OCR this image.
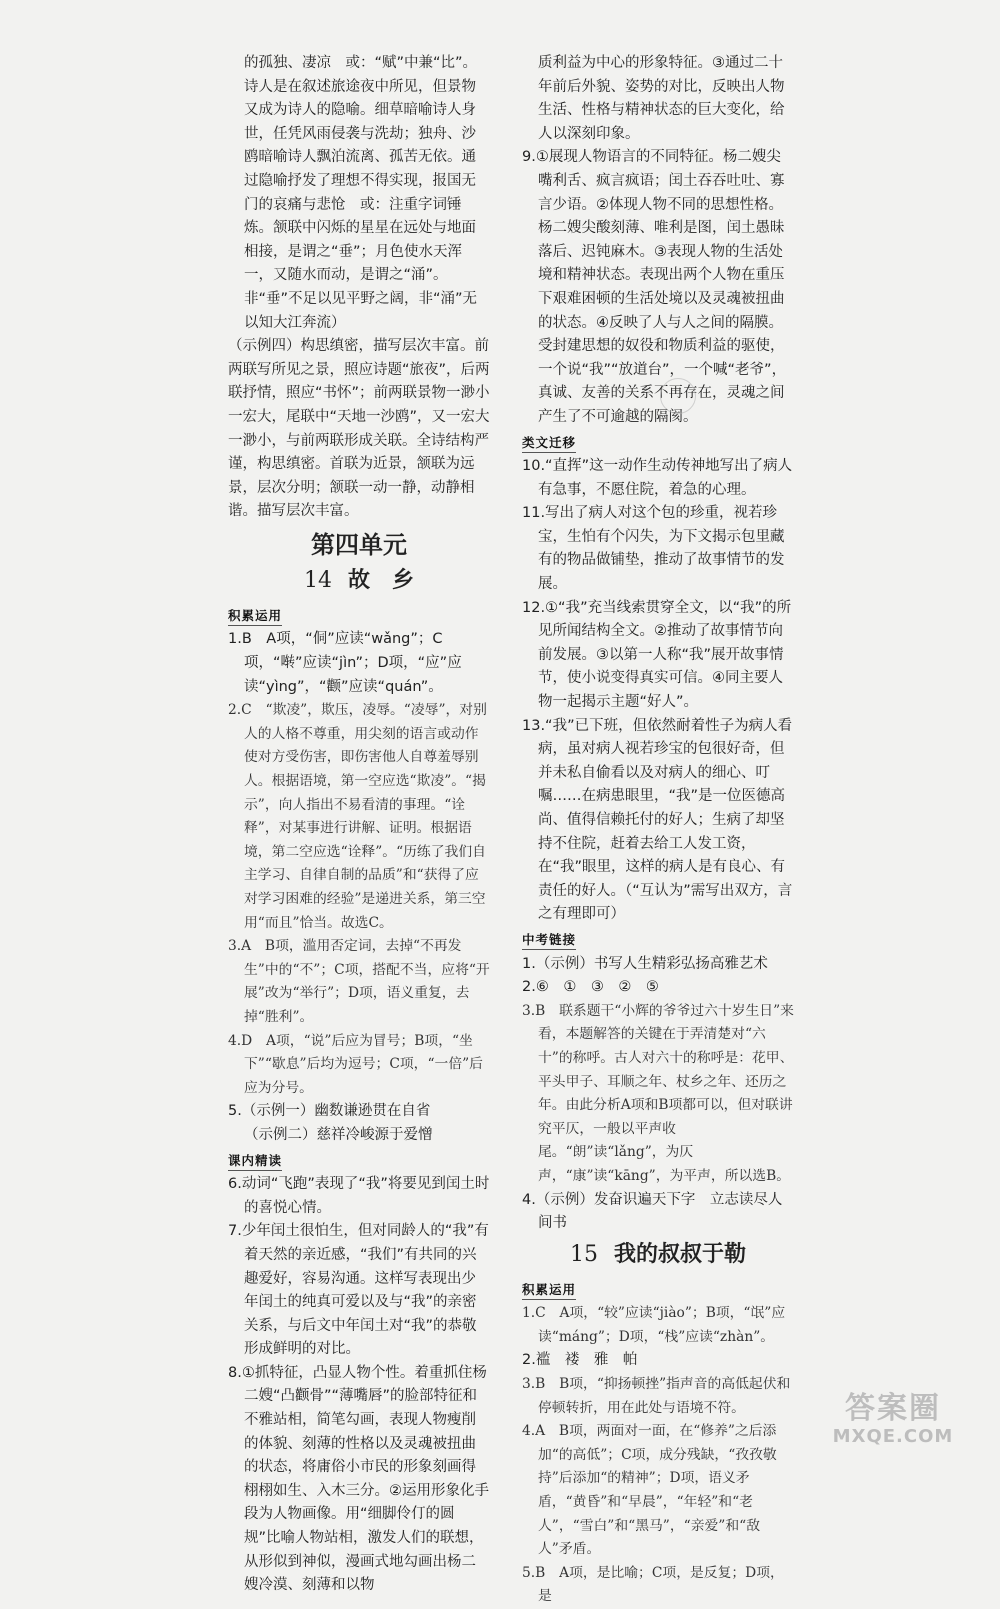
的孤独、凄凉　或：“赋”中兼“比”。诗人是在叙述旅途夜中所见，但景物又成为诗人的隐喻。细草暗喻诗人身世，任凭风雨侵袭与洗劫；独舟、沙鸥暗喻诗人飘泊流离、孤苦无依。通过隐喻抒发了理想不得实现，报国无门的哀痛与悲怆　或：注重字词锤炼。颔联中闪烁的星星在远处与地面相接，是谓之“垂”；月色使水天浑一，又随水而动，是谓之“涌”。非“垂”不足以见平野之阔，非“涌”无以知大江奔流）

（示例四）构思缜密，描写层次丰富。前两联写所见之景，照应诗题“旅夜”，后两联抒情，照应“书怀”；前两联景物一渺小一宏大，尾联中“天地一沙鸥”，又一宏大一渺小，与前两联形成关联。全诗结构严谨，构思缜密。首联为近景，颔联为远景，层次分明；颔联一动一静，动静相谐。描写层次丰富。

第四单元
14 故　乡
积累运用

1.B　A项，“侗”应读“wǎng”；C项，“啭”应读“jìn”；D项，“应”应读“yìng”，“颧”应读“quán”。

2.C　“欺凌”，欺压，凌辱。“凌辱”，对别人的人格不尊重，用尖刻的语言或动作使对方受伤害，即伤害他人自尊羞辱别人。根据语境，第一空应选“欺凌”。“揭示”，向人指出不易看清的事理。“诠释”，对某事进行讲解、证明。根据语境，第二空应选“诠释”。“历练了我们自主学习、自律自制的品质”和“获得了应对学习困难的经验”是递进关系，第三空用“而且”恰当。故选C。

3.A　B项，滥用否定词，去掉“不再发生”中的“不”；C项，搭配不当，应将“开展”改为“举行”；D项，语义重复，去掉“胜利”。

4.D　A项，“说”后应为冒号；B项，“坐下”“歇息”后均为逗号；C项，“一倍”后应为分号。

5.（示例一）幽数谦逊贯在自省

（示例二）慈祥冷峻源于爱憎

课内精读

6.动词“飞跑”表现了“我”将要见到闰土时的喜悦心情。

7.少年闰土很怕生，但对同龄人的“我”有着天然的亲近感，“我们”有共同的兴趣爱好，容易沟通。这样写表现出少年闰土的纯真可爱以及与“我”的亲密关系，与后文中年闰土对“我”的恭敬形成鲜明的对比。

8.①抓特征，凸显人物个性。着重抓住杨二嫂“凸颧骨”“薄嘴唇”的脸部特征和不雅站相，简笔勾画，表现人物瘦削的体貌、刻薄的性格以及灵魂被扭曲的状态，将庸俗小市民的形象刻画得栩栩如生、入木三分。②运用形象化手段为人物画像。用“细脚伶仃的圆规”比喻人物站相，激发人们的联想，从形似到神似，漫画式地勾画出杨二嫂冷漠、刻薄和以物

质利益为中心的形象特征。③通过二十年前后外貌、姿势的对比，反映出人物生活、性格与精神状态的巨大变化，给人以深刻印象。

9.①展现人物语言的不同特征。杨二嫂尖嘴利舌、疯言疯语；闰土吞吞吐吐、寡言少语。②体现人物不同的思想性格。杨二嫂尖酸刻薄、唯利是图，闰土愚昧落后、迟钝麻木。③表现人物的生活处境和精神状态。表现出两个人物在重压下艰难困顿的生活处境以及灵魂被扭曲的状态。④反映了人与人之间的隔膜。受封建思想的奴役和物质利益的驱使，一个说“我”“放道台”，一个喊“老爷”，真诚、友善的关系不再存在，灵魂之间产生了不可逾越的隔阂。

类文迁移

10.“直挥”这一动作生动传神地写出了病人有急事，不愿住院，着急的心理。

11.写出了病人对这个包的珍重，视若珍宝，生怕有个闪失，为下文揭示包里藏有的物品做铺垫，推动了故事情节的发展。

12.①“我”充当线索贯穿全文，以“我”的所见所闻结构全文。②推动了故事情节向前发展。③以第一人称“我”展开故事情节，使小说变得真实可信。④同主要人物一起揭示主题“好人”。

13.“我”已下班，但依然耐着性子为病人看病，虽对病人视若珍宝的包很好奇，但并未私自偷看以及对病人的细心、叮嘱……在病患眼里，“我”是一位医德高尚、值得信赖托付的好人；生病了却坚持不住院，赶着去给工人发工资，在“我”眼里，这样的病人是有良心、有责任的好人。（“互认为”需写出双方，言之有理即可）

中考链接

1.（示例）书写人生精彩弘扬高雅艺术

2.⑥　①　③　②　⑤

3.B　联系题干“小辉的爷爷过六十岁生日”来看，本题解答的关键在于弄清楚对“六十”的称呼。古人对六十的称呼是：花甲、平头甲子、耳顺之年、杖乡之年、还历之年。由此分析A项和B项都可以，但对联讲究平仄，一般以平声收尾。“朗”读“lǎng”，为仄声，“康”读“kāng”，为平声，所以选B。

4.（示例）发奋识遍天下字　立志读尽人间书

15 我的叔叔于勒
积累运用

1.C　A项，“较”应读“jiào”；B项，“氓”应读“máng”；D项，“栈”应读“zhàn”。

2.褴　褛　雅　帕

3.B　B项，“抑扬顿挫”指声音的高低起伏和停顿转折，用在此处与语境不符。

4.A　B项，两面对一面，在“修养”之后添加“的高低”；C项，成分残缺，“孜孜敬持”后添加“的精神”；D项，语义矛盾，“黄昏”和“早晨”，“年轻”和“老人”，“雪白”和“黑马”，“亲爱”和“敌人”矛盾。

5.B　A项，是比喻；C项，是反复；D项，是

答案圈
MXQE.COM
